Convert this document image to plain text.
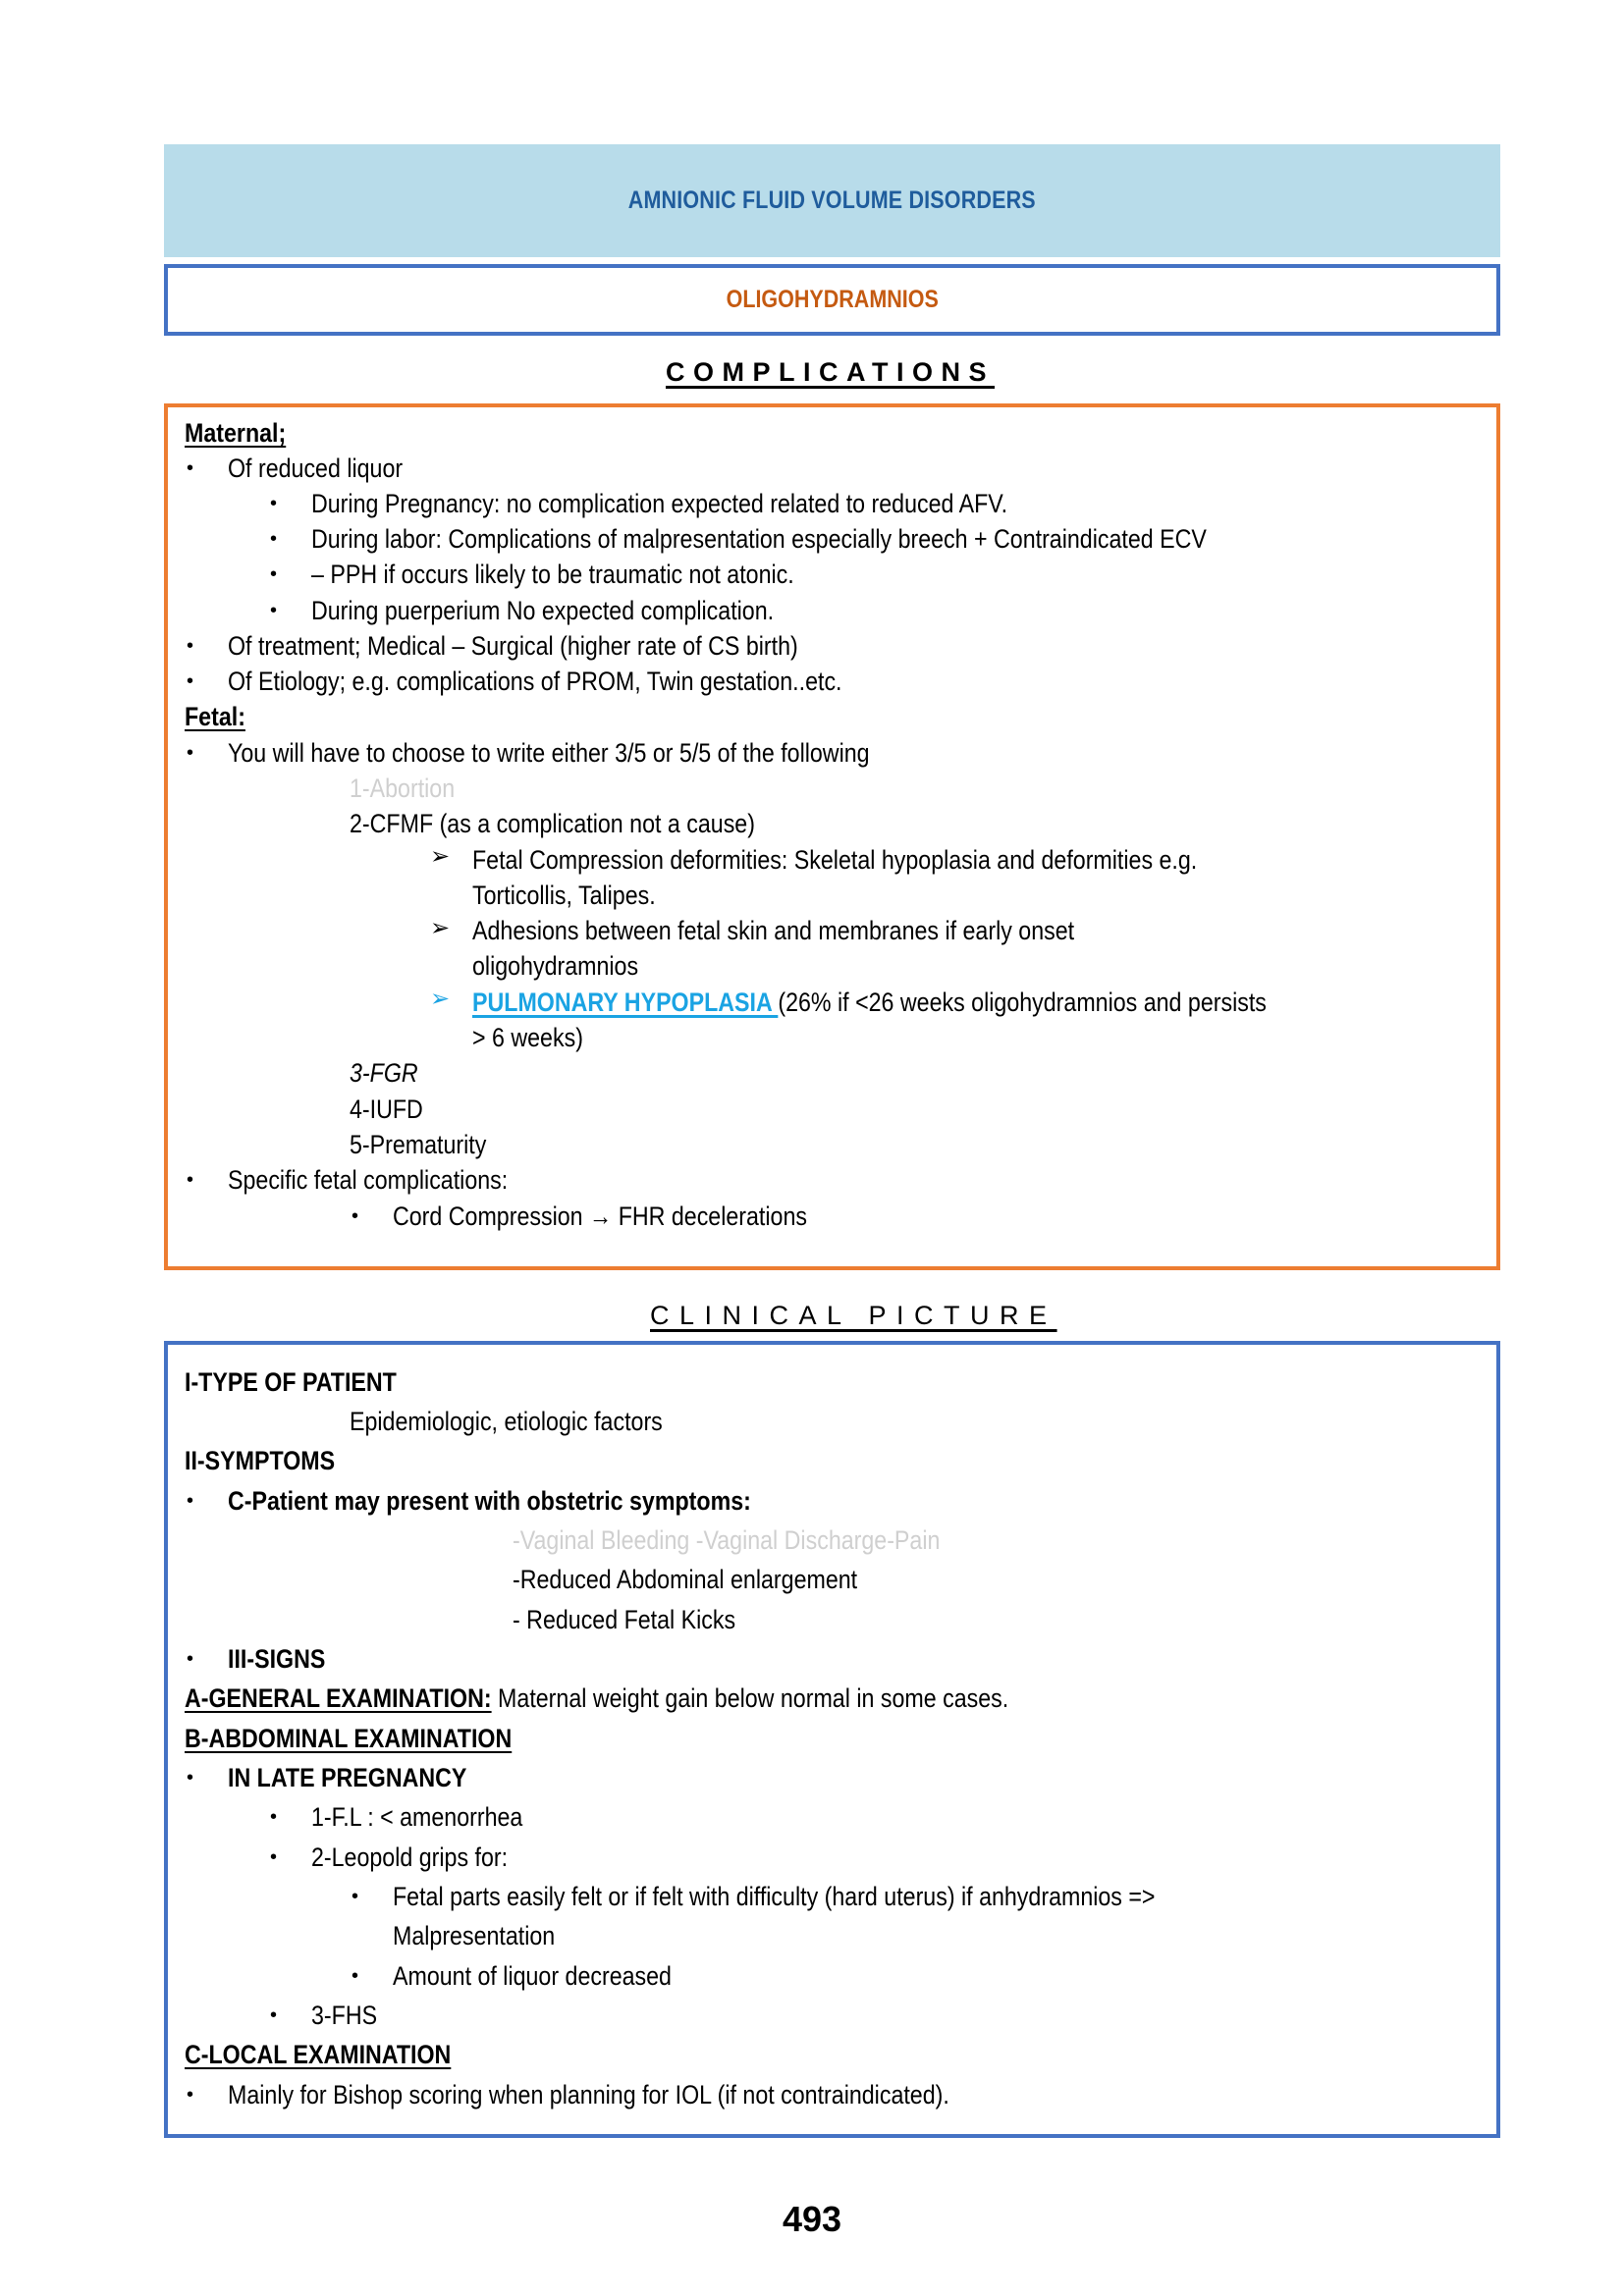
AMNIONIC FLUID VOLUME DISORDERS
OLIGOHYDRAMNIOS
COMPLICATIONS
Maternal;
• Of reduced liquor
• During Pregnancy: no complication expected related to reduced AFV.
• During labor: Complications of malpresentation especially breech + Contraindicated ECV
• – PPH if occurs likely to be traumatic not atonic.
• During puerperium No expected complication.
• Of treatment; Medical – Surgical (higher rate of CS birth)
• Of Etiology; e.g. complications of PROM, Twin gestation..etc.
Fetal:
• You will have to choose to write either 3/5 or 5/5 of the following
1-Abortion
2-CFMF (as a complication not a cause)
➢ Fetal Compression deformities: Skeletal hypoplasia and deformities e.g.
Torticollis, Talipes.
➢ Adhesions between fetal skin and membranes if early onset
oligohydramnios
➢ PULMONARY HYPOPLASIA (26% if <26 weeks oligohydramnios and persists
> 6 weeks)
3-FGR
4-IUFD
5-Prematurity
• Specific fetal complications:
• Cord Compression → FHR decelerations
CLINICAL PICTURE
I-TYPE OF PATIENT
Epidemiologic, etiologic factors
II-SYMPTOMS
• C-Patient may present with obstetric symptoms:
-Vaginal Bleeding -Vaginal Discharge-Pain
-Reduced Abdominal enlargement
- Reduced Fetal Kicks
• III-SIGNS
A-GENERAL EXAMINATION: Maternal weight gain below normal in some cases.
B-ABDOMINAL EXAMINATION
• IN LATE PREGNANCY
• 1-F.L : < amenorrhea
• 2-Leopold grips for:
• Fetal parts easily felt or if felt with difficulty (hard uterus) if anhydramnios =>
Malpresentation
• Amount of liquor decreased
• 3-FHS
C-LOCAL EXAMINATION
• Mainly for Bishop scoring when planning for IOL (if not contraindicated).
493
